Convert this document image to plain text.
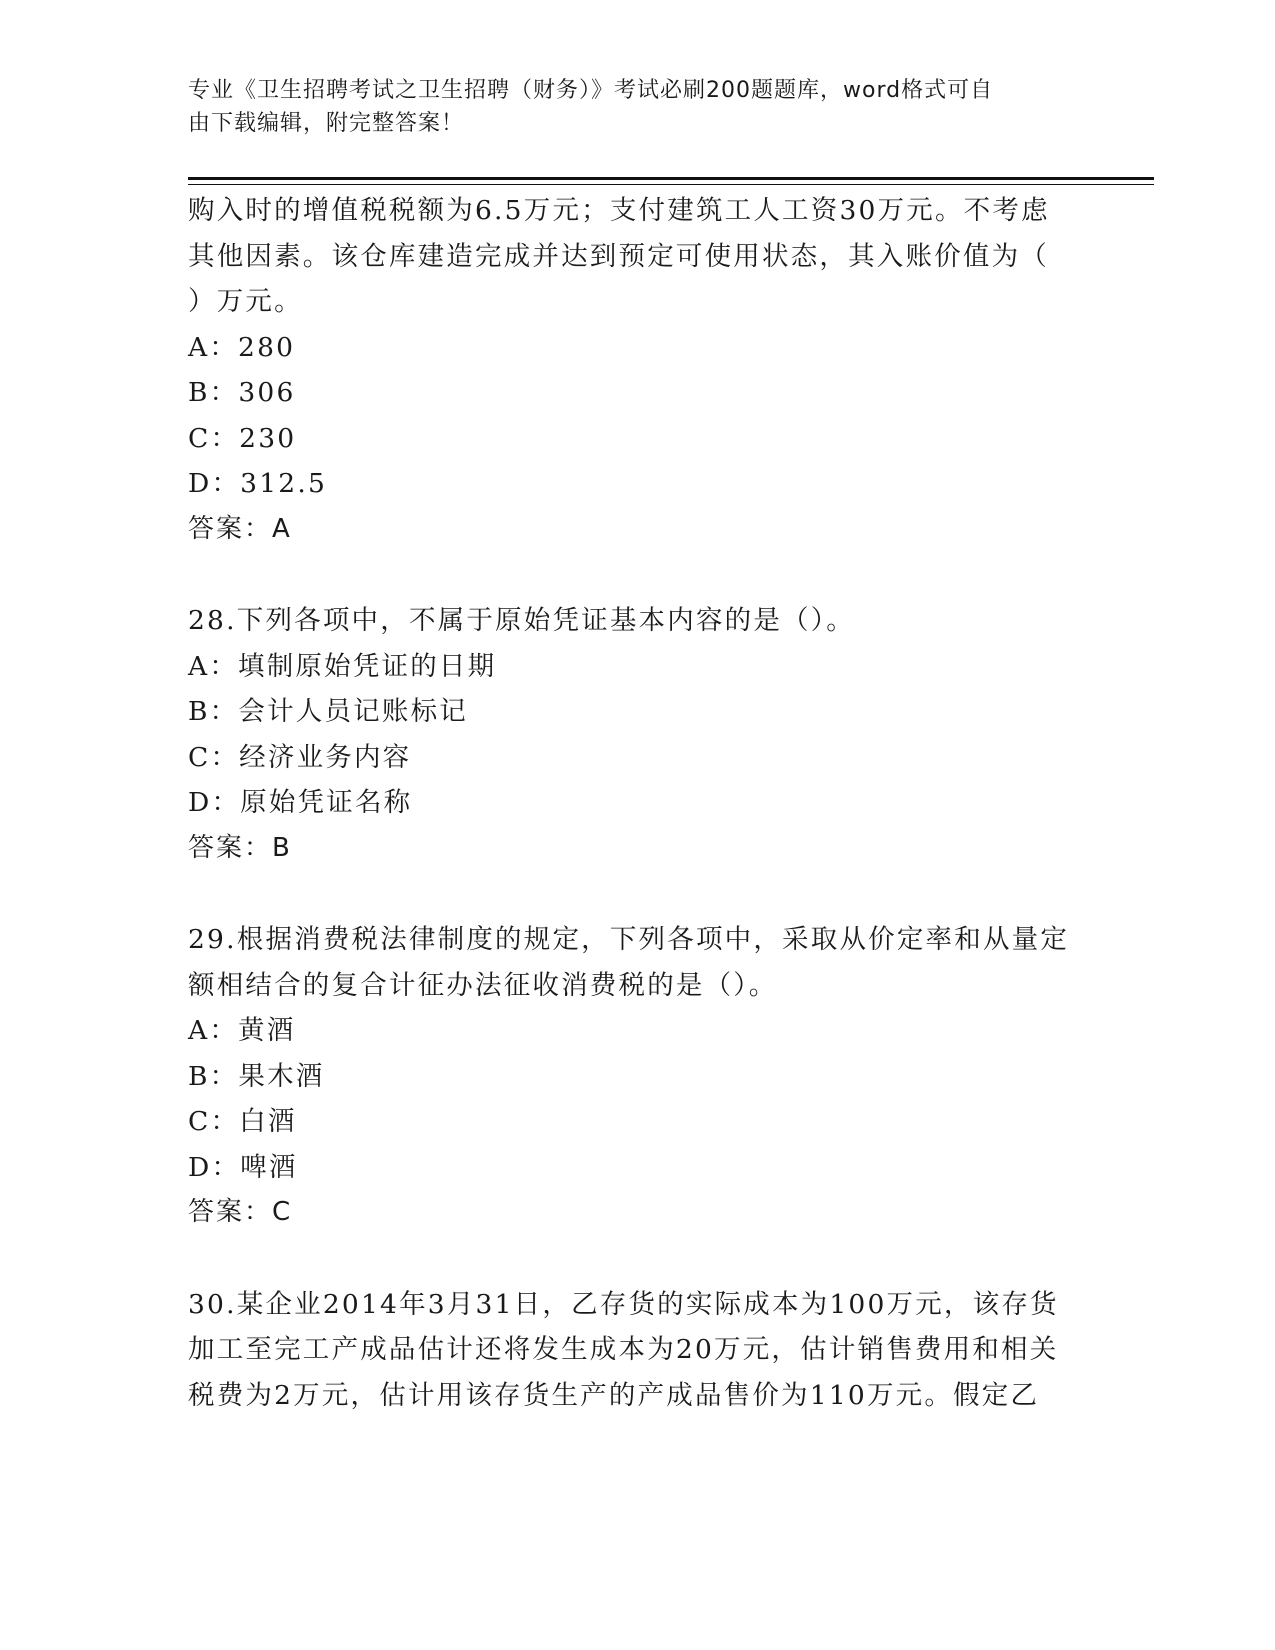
专业《卫生招聘考试之卫生招聘（财务）》考试必刷200题题库，word格式可自
由下载编辑，附完整答案！
购入时的增值税税额为6.5万元；支付建筑工人工资30万元。不考虑
其他因素。该仓库建造完成并达到预定可使用状态，其入账价值为（
）万元。
A：280
B：306
C：230
D：312.5
答案：A
28.下列各项中，不属于原始凭证基本内容的是（）。
A：填制原始凭证的日期
B：会计人员记账标记
C：经济业务内容
D：原始凭证名称
答案：B
29.根据消费税法律制度的规定，下列各项中，采取从价定率和从量定
额相结合的复合计征办法征收消费税的是（）。
A：黄酒
B：果木酒
C：白酒
D：啤酒
答案：C
30.某企业2014年3月31日，乙存货的实际成本为100万元，该存货
加工至完工产成品估计还将发生成本为20万元，估计销售费用和相关
税费为2万元，估计用该存货生产的产成品售价为110万元。假定乙
